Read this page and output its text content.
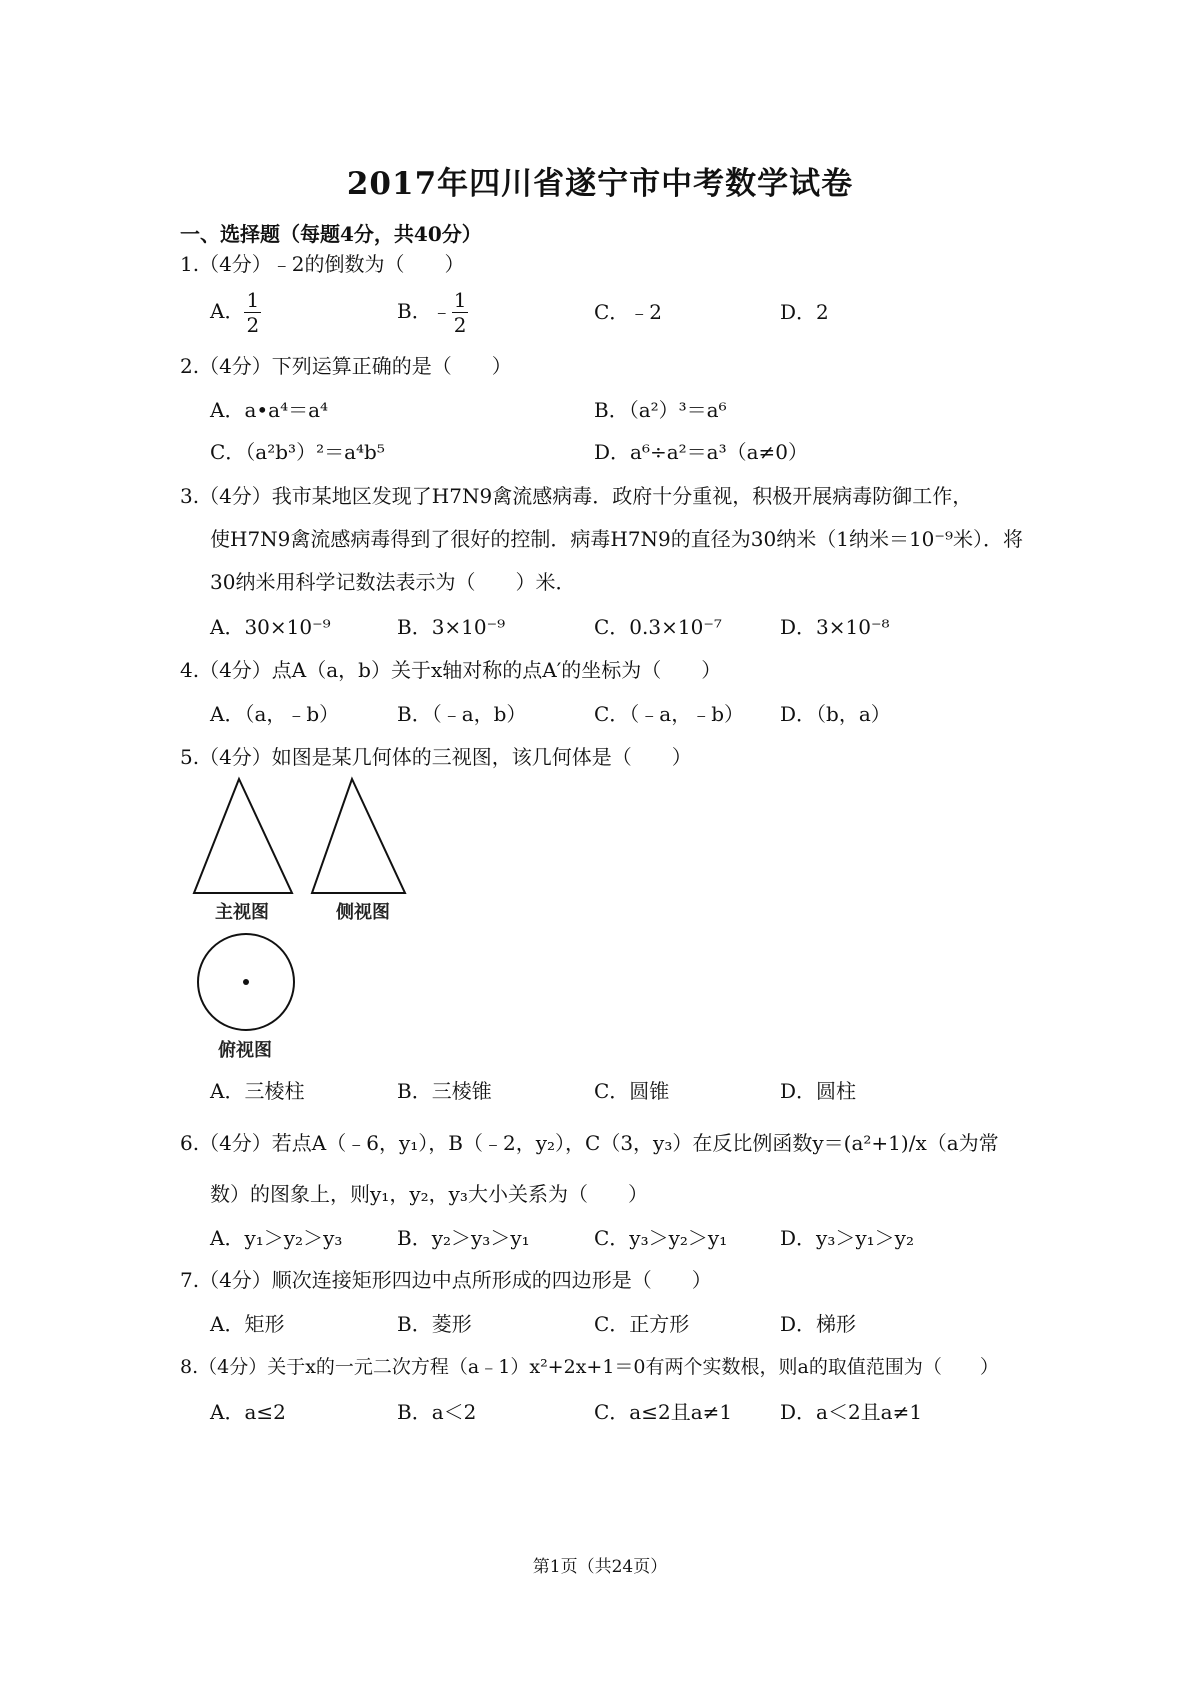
2017年四川省遂宁市中考数学试卷
一、选择题（每题4分，共40分）
1.（4分）﹣2的倒数为（　　）
A． $\frac{1}{2}$	B．﹣ $\frac{1}{2}$	C．﹣2	D．2
2.（4分）下列运算正确的是（　　）
A．a•a⁴＝a⁴	B．（a²）³＝a⁶
C．（a²b³）²＝a⁴b⁵	D．a⁶÷a²＝a³（a≠0）
3.（4分）我市某地区发现了H7N9禽流感病毒．政府十分重视，积极开展病毒防御工作，
使H7N9禽流感病毒得到了很好的控制．病毒H7N9的直径为30纳米（1纳米＝10⁻⁹米）．将
30纳米用科学记数法表示为（　　）米．
A．30×10⁻⁹	B．3×10⁻⁹	C．0.3×10⁻⁷	D．3×10⁻⁸
4.（4分）点A（a，b）关于x轴对称的点A′的坐标为（　　）
A．（a，﹣b）	B．（﹣a，b）	C．（﹣a，﹣b） D．（b，a）
5.（4分）如图是某几何体的三视图，该几何体是（　　）
主视图	侧视图
俯视图
A．三棱柱	B．三棱锥	C．圆锥	D．圆柱
6.（4分）若点A（﹣6，y₁），B（﹣2，y₂），C（3，y₃）在反比例函数y＝(a²+1)/x（a为常
数）的图象上，则y₁，y₂，y₃大小关系为（　　）
A．y₁＞y₂＞y₃	B．y₂＞y₃＞y₁	C．y₃＞y₂＞y₁	D．y₃＞y₁＞y₂
7.（4分）顺次连接矩形四边中点所形成的四边形是（　　）
A．矩形	B．菱形	C．正方形	D．梯形
8.（4分）关于x的一元二次方程（a﹣1）x²+2x+1＝0有两个实数根，则a的取值范围为（　　）
A．a≤2	B．a＜2	C．a≤2且a≠1 D．a＜2且a≠1
第1页（共24页）
